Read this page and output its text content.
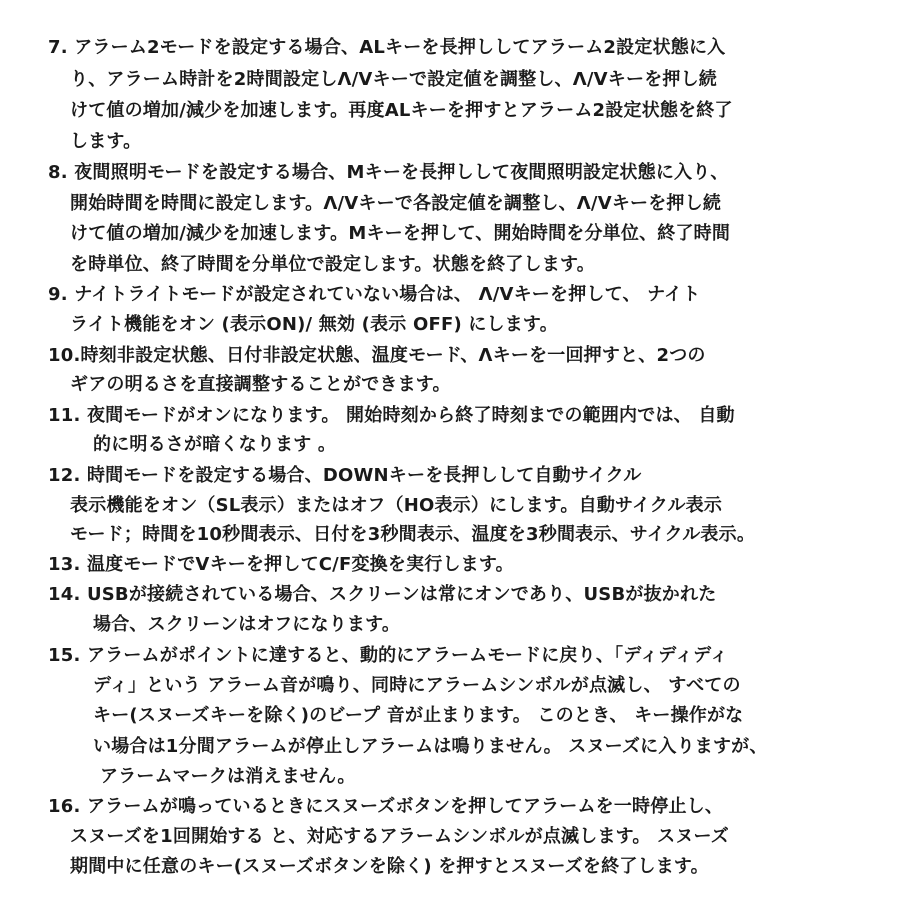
7. アラーム2モードを設定する場合、ALキーを長押ししてアラーム2設定状態に入
り、アラーム時計を2時間設定しΛ/Vキーで設定値を調整し、Λ/Vキーを押し続
けて値の増加/減少を加速します。再度ALキーを押すとアラーム2設定状態を終了
します。
8. 夜間照明モードを設定する場合、Mキーを長押しして夜間照明設定状態に入り、
開始時間を時間に設定します。Λ/Vキーで各設定値を調整し、Λ/Vキーを押し続
けて値の増加/減少を加速します。Mキーを押して、開始時間を分単位、終了時間
を時単位、終了時間を分単位で設定します。状態を終了します。
9. ナイトライトモードが設定されていない場合は、 Λ/Vキーを押して、 ナイト
ライト機能をオン (表示ON)/ 無効 (表示 OFF) にします。
10.時刻非設定状態、日付非設定状態、温度モード、Λキーを一回押すと、2つの
ギアの明るさを直接調整することができます。
11. 夜間モードがオンになります。 開始時刻から終了時刻までの範囲内では、 自動
的に明るさが暗くなります 。
12. 時間モードを設定する場合、DOWNキーを長押しして自動サイクル
表示機能をオン（SL表示）またはオフ（HO表示）にします。自動サイクル表示
モード；時間を10秒間表示、日付を3秒間表示、温度を3秒間表示、サイクル表示。
13. 温度モードでVキーを押してC/F変換を実行します。
14. USBが接続されている場合、スクリーンは常にオンであり、USBが抜かれた
場合、スクリーンはオフになります。
15. アラームがポイントに達すると、動的にアラームモードに戻り、「ディディディ
ディ」という アラーム音が鳴り、同時にアラームシンボルが点滅し、 すべての
キー(スヌーズキーを除く)のビープ 音が止まります。 このとき、 キー操作がな
い場合は1分間アラームが停止しアラームは鳴りません。 スヌーズに入りますが、
アラームマークは消えません。
16. アラームが鳴っているときにスヌーズボタンを押してアラームを一時停止し、
スヌーズを1回開始する と、対応するアラームシンボルが点滅します。 スヌーズ
期間中に任意のキー(スヌーズボタンを除く) を押すとスヌーズを終了します。
